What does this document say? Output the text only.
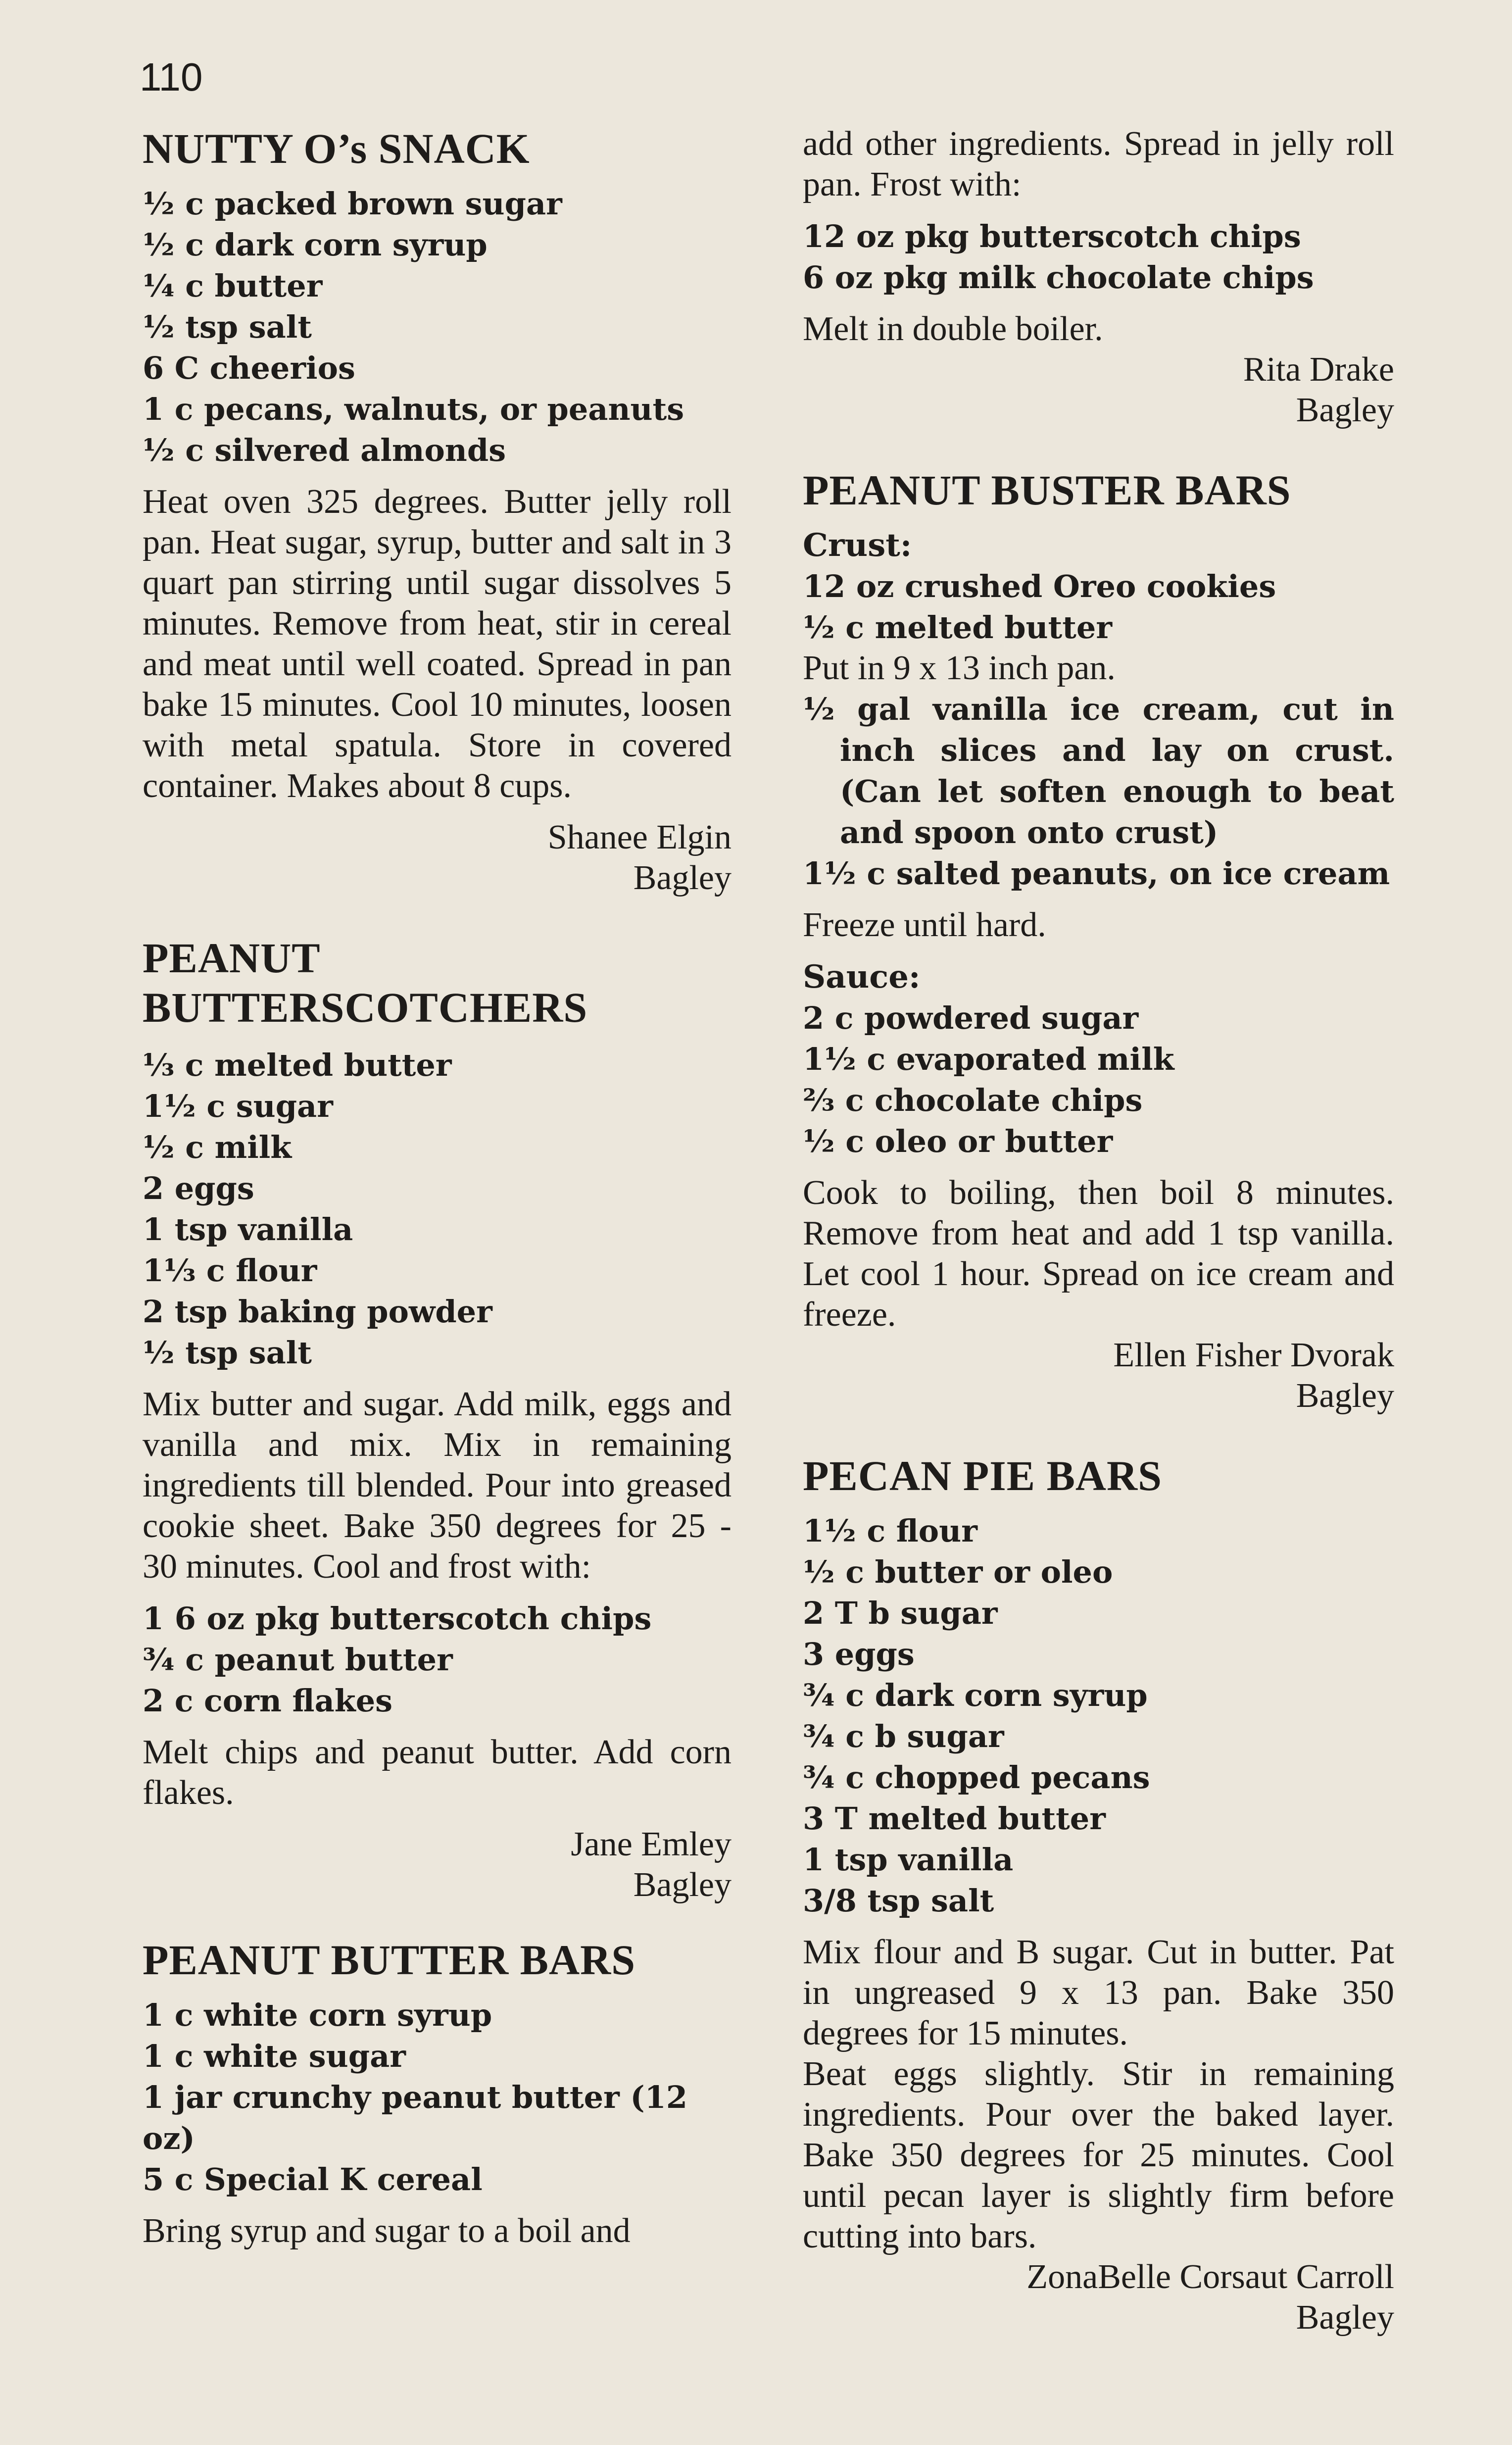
110
NUTTY O’s SNACK
½ c packed brown sugar
½ c dark corn syrup
¼ c butter
½ tsp salt
6 C cheerios
1 c pecans, walnuts, or peanuts
½ c silvered almonds
Heat oven 325 degrees. Butter jelly roll pan. Heat sugar, syrup, butter and salt in 3 quart pan stirring until sugar dissolves 5 minutes. Remove from heat, stir in cereal and meat until well coated. Spread in pan bake 15 minutes. Cool 10 minutes, loosen with metal spatula. Store in covered container. Makes about 8 cups.
Shanee Elgin
Bagley
PEANUT
BUTTERSCOTCHERS
⅓ c melted butter
1½ c sugar
½ c milk
2 eggs
1 tsp vanilla
1⅓ c flour
2 tsp baking powder
½ tsp salt
Mix butter and sugar. Add milk, eggs and vanilla and mix. Mix in remaining ingredients till blended. Pour into greased cookie sheet. Bake 350 degrees for 25 - 30 minutes. Cool and frost with:
1 6 oz pkg butterscotch chips
¾ c peanut butter
2 c corn flakes
Melt chips and peanut butter. Add corn flakes.
Jane Emley
Bagley
PEANUT BUTTER BARS
1 c white corn syrup
1 c white sugar
1 jar crunchy peanut butter (12 oz)
5 c Special K cereal
Bring syrup and sugar to a boil and
add other ingredients. Spread in jelly roll pan. Frost with:
12 oz pkg butterscotch chips
6 oz pkg milk chocolate chips
Melt in double boiler.
Rita Drake
Bagley
PEANUT BUSTER BARS
Crust:
12 oz crushed Oreo cookies
½ c melted butter
Put in 9 x 13 inch pan.
½ gal vanilla ice cream, cut in inch slices and lay on crust. (Can let soften enough to beat and spoon onto crust)
1½ c salted peanuts, on ice cream
Freeze until hard.
Sauce:
2 c powdered sugar
1½ c evaporated milk
⅔ c chocolate chips
½ c oleo or butter
Cook to boiling, then boil 8 minutes. Remove from heat and add 1 tsp vanilla. Let cool 1 hour. Spread on ice cream and freeze.
Ellen Fisher Dvorak
Bagley
PECAN PIE BARS
1½ c flour
½ c butter or oleo
2 T b sugar
3 eggs
¾ c dark corn syrup
¾ c b sugar
¾ c chopped pecans
3 T melted butter
1 tsp vanilla
3/8 tsp salt
Mix flour and B sugar. Cut in butter. Pat in ungreased 9 x 13 pan. Bake 350 degrees for 15 minutes.
Beat eggs slightly. Stir in remaining ingredients. Pour over the baked layer. Bake 350 degrees for 25 minutes. Cool until pecan layer is slightly firm before cutting into bars.
ZonaBelle Corsaut Carroll
Bagley
